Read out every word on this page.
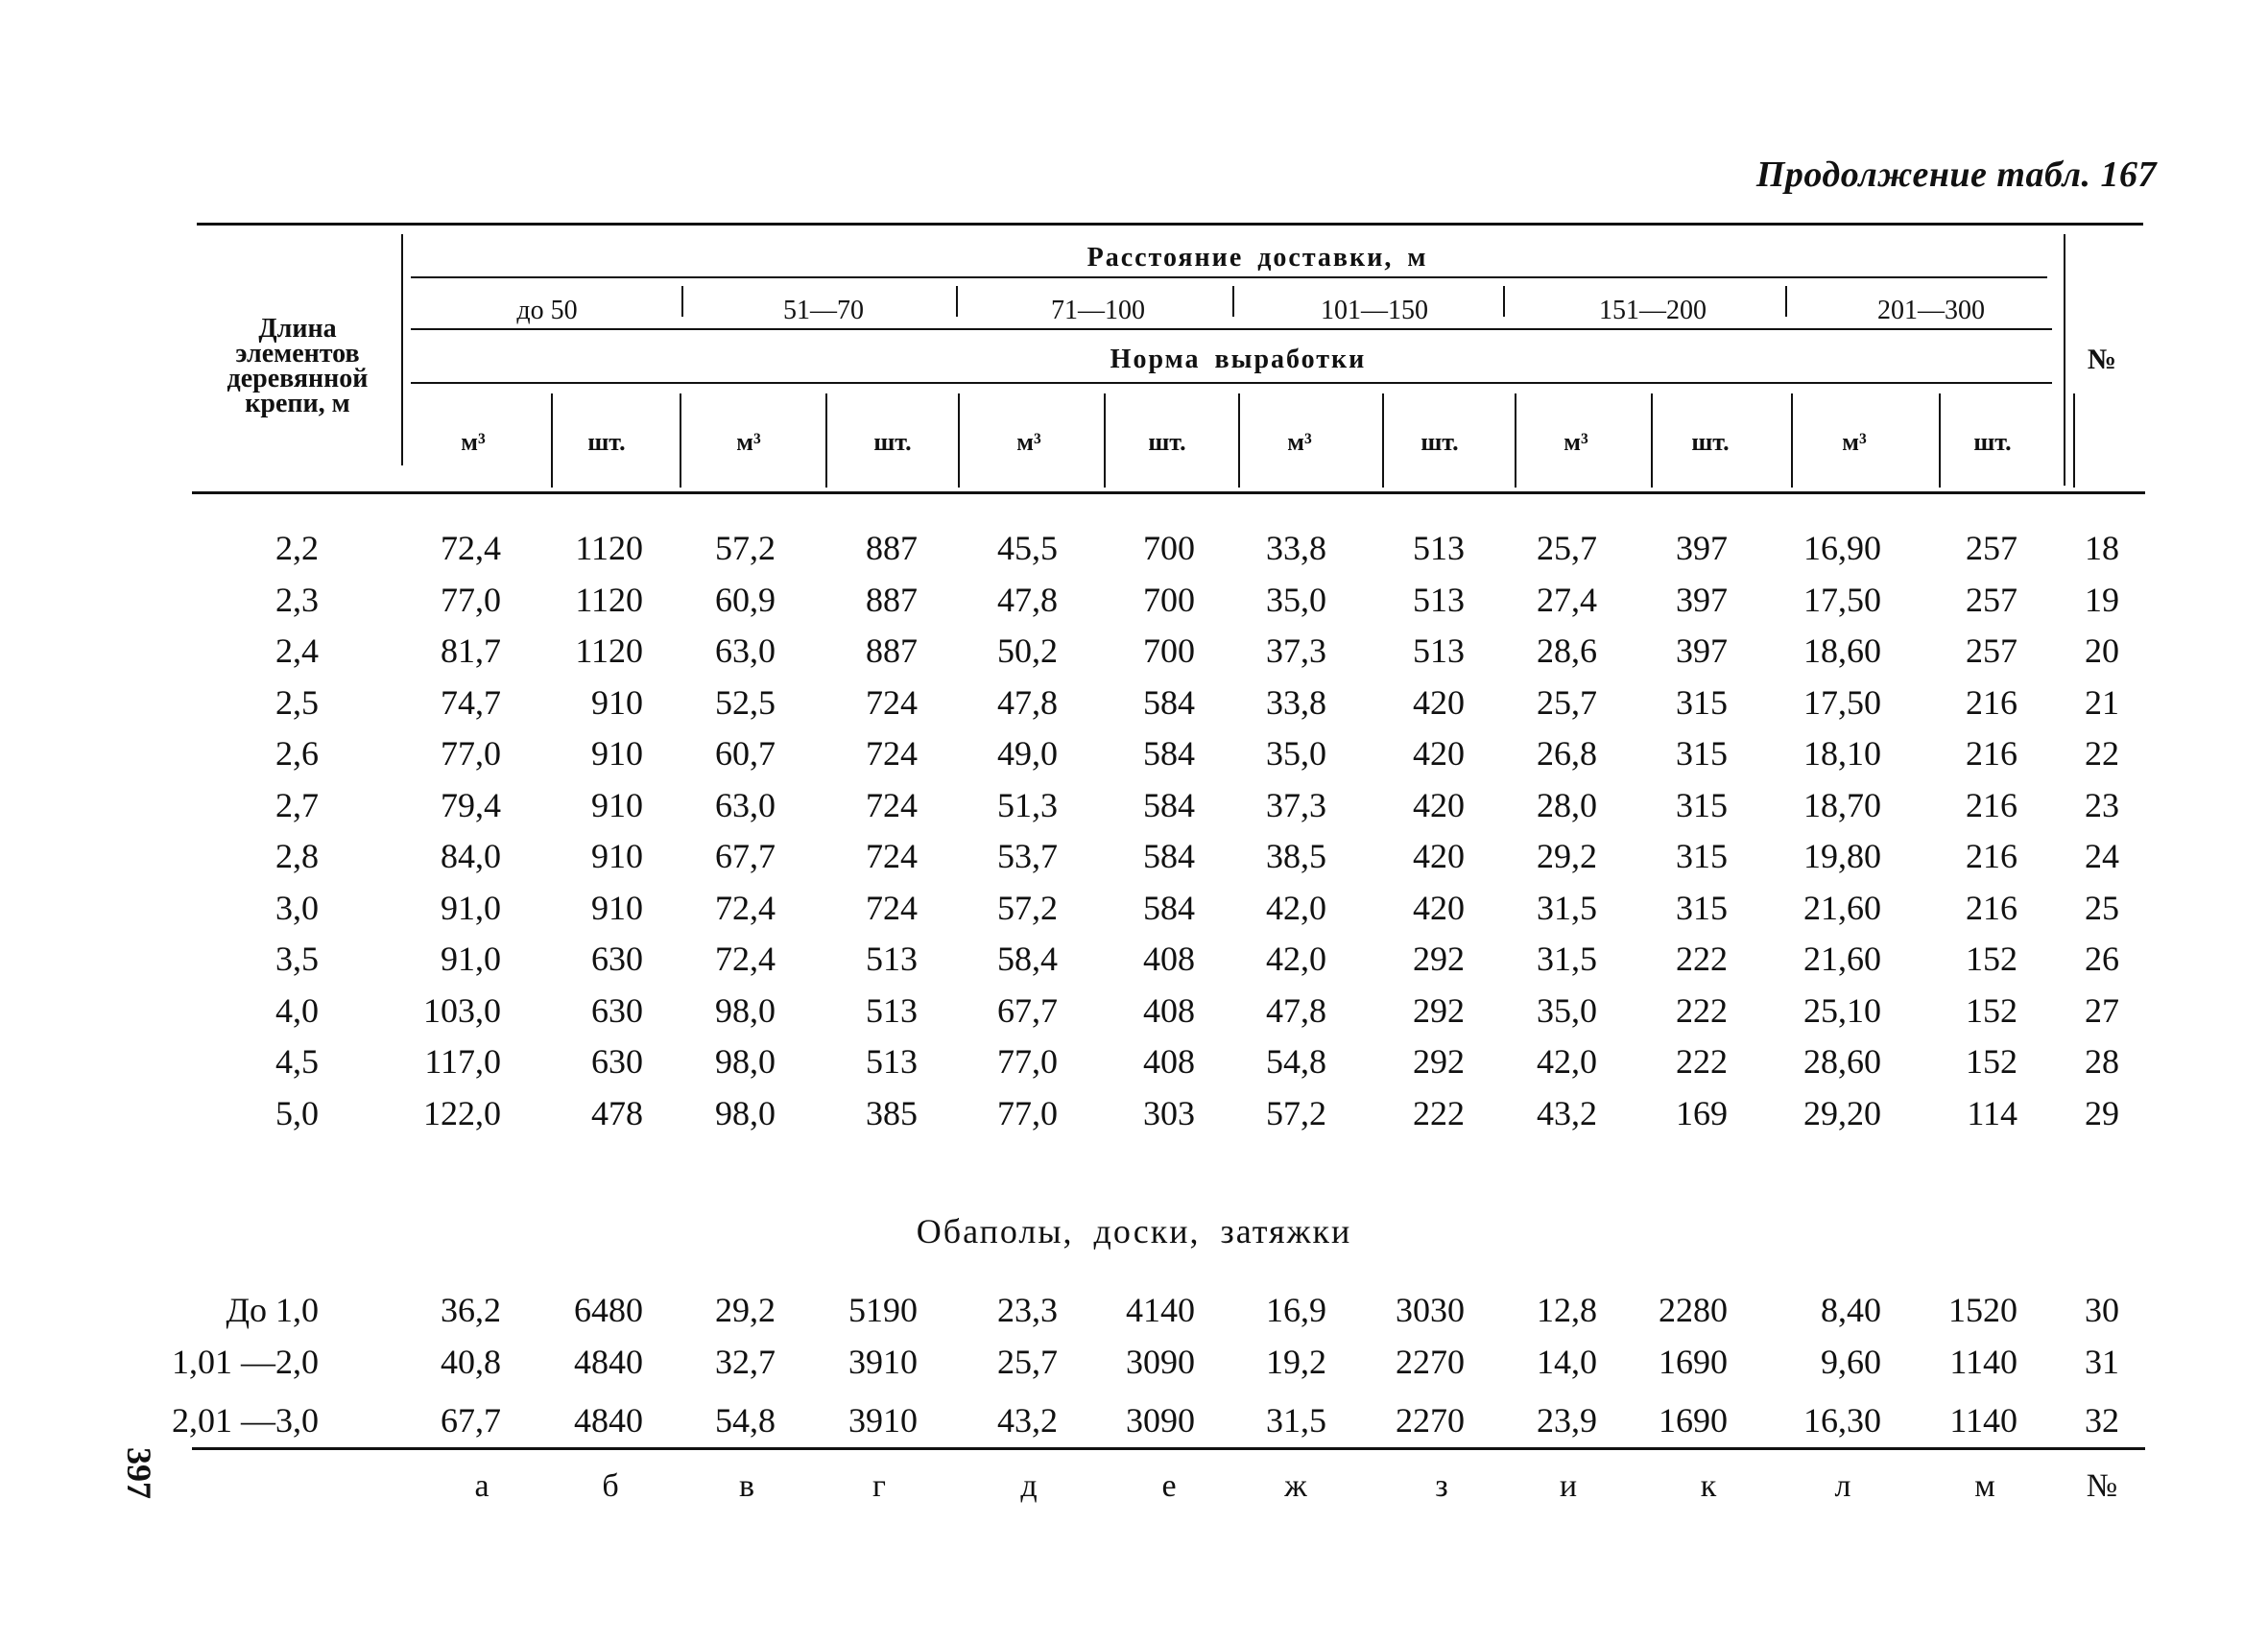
Продолжение табл. 167
Длина элементов деревянной крепи, м
Расстояние доставки, м
до 50	51—70	71—100	101—150	151—200	201—300
Норма выработки
м³	шт.	м³	шт.	м³	шт.	м³	шт.	м³	шт.	м³	шт.
№
2,2	72,4	1120	57,2	887	45,5	700	33,8	513	25,7	397	16,90	257	18
2,3	77,0	1120	60,9	887	47,8	700	35,0	513	27,4	397	17,50	257	19
2,4	81,7	1120	63,0	887	50,2	700	37,3	513	28,6	397	18,60	257	20
2,5	74,7	910	52,5	724	47,8	584	33,8	420	25,7	315	17,50	216	21
2,6	77,0	910	60,7	724	49,0	584	35,0	420	26,8	315	18,10	216	22
2,7	79,4	910	63,0	724	51,3	584	37,3	420	28,0	315	18,70	216	23
2,8	84,0	910	67,7	724	53,7	584	38,5	420	29,2	315	19,80	216	24
3,0	91,0	910	72,4	724	57,2	584	42,0	420	31,5	315	21,60	216	25
3,5	91,0	630	72,4	513	58,4	408	42,0	292	31,5	222	21,60	152	26
4,0	103,0	630	98,0	513	67,7	408	47,8	292	35,0	222	25,10	152	27
4,5	117,0	630	98,0	513	77,0	408	54,8	292	42,0	222	28,60	152	28
5,0	122,0	478	98,0	385	77,0	303	57,2	222	43,2	169	29,20	114	29
Обаполы, доски, затяжки
До 1,0	36,2	6480	29,2	5190	23,3	4140	16,9	3030	12,8	2280	8,40	1520	30
1,01 —2,0	40,8	4840	32,7	3910	25,7	3090	19,2	2270	14,0	1690	9,60	1140	31
2,01 —3,0	67,7	4840	54,8	3910	43,2	3090	31,5	2270	23,9	1690	16,30	1140	32
а	б	в	г	д	е	ж	з	и	к	л	м	№
397
